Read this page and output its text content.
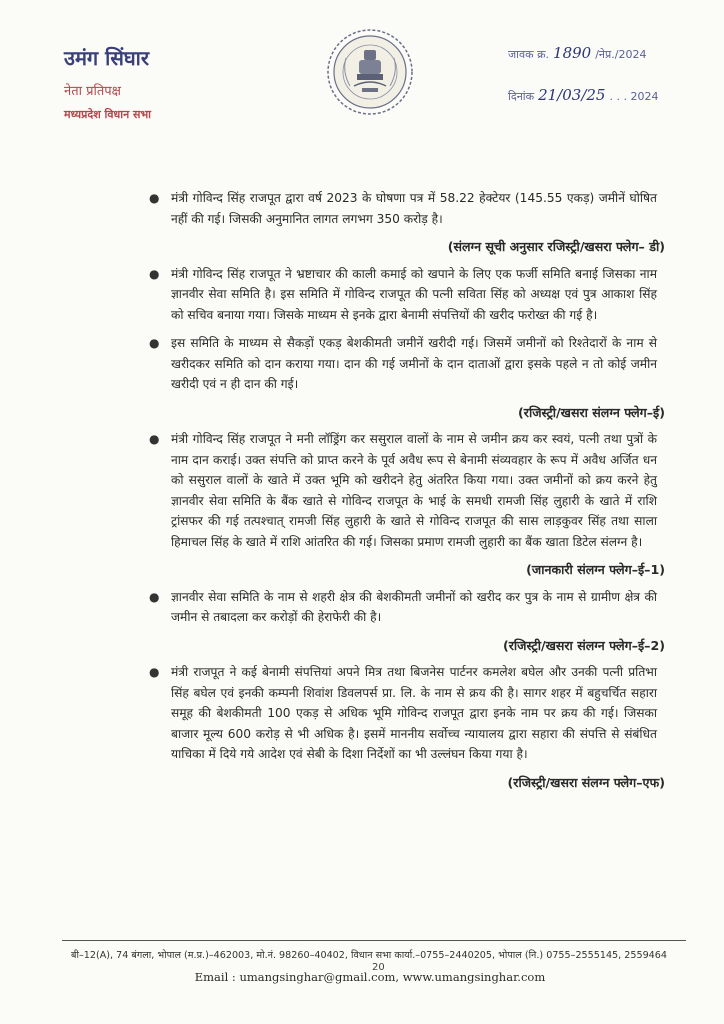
उमंग सिंघार
नेता प्रतिपक्ष
मध्यप्रदेश विधान सभा
जावक क्र. 1890 /नेप्र./2024
दिनांक 21/03/25 . . . 2024
● मंत्री गोविन्द सिंह राजपूत द्वारा वर्ष 2023 के घोषणा पत्र में 58.22 हेक्टेयर (145.55 एकड़) जमीनें घोषित नहीं की गई। जिसकी अनुमानित लागत लगभग 350 करोड़ है।
(संलग्न सूची अनुसार रजिस्ट्री/खसरा फ्लेग– डी)
● मंत्री गोविन्द सिंह राजपूत ने भ्रष्टाचार की काली कमाई को खपाने के लिए एक फर्जी समिति बनाई जिसका नाम ज्ञानवीर सेवा समिति है। इस समिति में गोविन्द राजपूत की पत्नी सविता सिंह को अध्यक्ष एवं पुत्र आकाश सिंह को सचिव बनाया गया। जिसके माध्यम से इनके द्वारा बेनामी संपत्तियों की खरीद फरोख्त की गई है।
● इस समिति के माध्यम से सैकड़ों एकड़ बेशकीमती जमीनें खरीदी गई। जिसमें जमीनों को रिश्तेदारों के नाम से खरीदकर समिति को दान कराया गया। दान की गई जमीनों के दान दाताओं द्वारा इसके पहले न तो कोई जमीन खरीदी एवं न ही दान की गई।
(रजिस्ट्री/खसरा संलग्न फ्लेग–ई)
● मंत्री गोविन्द सिंह राजपूत ने मनी लॉड्रिंग कर ससुराल वालों के नाम से जमीन क्रय कर स्वयं, पत्नी तथा पुत्रों के नाम दान कराई। उक्त संपत्ति को प्राप्त करने के पूर्व अवैध रूप से बेनामी संव्यवहार के रूप में अवैध अर्जित धन को ससुराल वालों के खाते में उक्त भूमि को खरीदने हेतु अंतरित किया गया। उक्त जमीनों को क्रय करने हेतु ज्ञानवीर सेवा समिति के बैंक खाते से गोविन्द राजपूत के भाई के समधी रामजी सिंह लुहारी के खाते में राशि ट्रांसफर की गई तत्पश्चात् रामजी सिंह लुहारी के खाते से गोविन्द राजपूत की सास लाड़कुवर सिंह तथा साला हिमाचल सिंह के खाते में राशि आंतरित की गई। जिसका प्रमाण रामजी लुहारी का बैंक खाता डिटेल संलग्न है।
(जानकारी संलग्न फ्लेग–ई–1)
● ज्ञानवीर सेवा समिति के नाम से शहरी क्षेत्र की बेशकीमती जमीनों को खरीद कर पुत्र के नाम से ग्रामीण क्षेत्र की जमीन से तबादला कर करोड़ों की हेराफेरी की है।
(रजिस्ट्री/खसरा संलग्न फ्लेग–ई–2)
● मंत्री राजपूत ने कई बेनामी संपत्तियां अपने मित्र तथा बिजनेस पार्टनर कमलेश बघेल और उनकी पत्नी प्रतिभा सिंह बघेल एवं इनकी कम्पनी शिवांश डिवलपर्स प्रा. लि. के नाम से क्रय की है। सागर शहर में बहुचर्चित सहारा समूह की बेशकीमती 100 एकड़ से अधिक भूमि गोविन्द राजपूत द्वारा इनके नाम पर क्रय की गई। जिसका बाजार मूल्य 600 करोड़ से भी अधिक है। इसमें माननीय सर्वोच्च न्यायालय द्वारा सहारा की संपत्ति से संबंधित याचिका में दिये गये आदेश एवं सेबी के दिशा निर्देशों का भी उल्लंघन किया गया है।
(रजिस्ट्री/खसरा संलग्न फ्लेग–एफ)
बी–12(A), 74 बंगला, भोपाल (म.प्र.)–462003, मो.नं. 98260–40402, विधान सभा कार्या.–0755–2440205, भोपाल (नि.) 0755–2555145, 2559464
20
Email : umangsinghar@gmail.com, www.umangsinghar.com
